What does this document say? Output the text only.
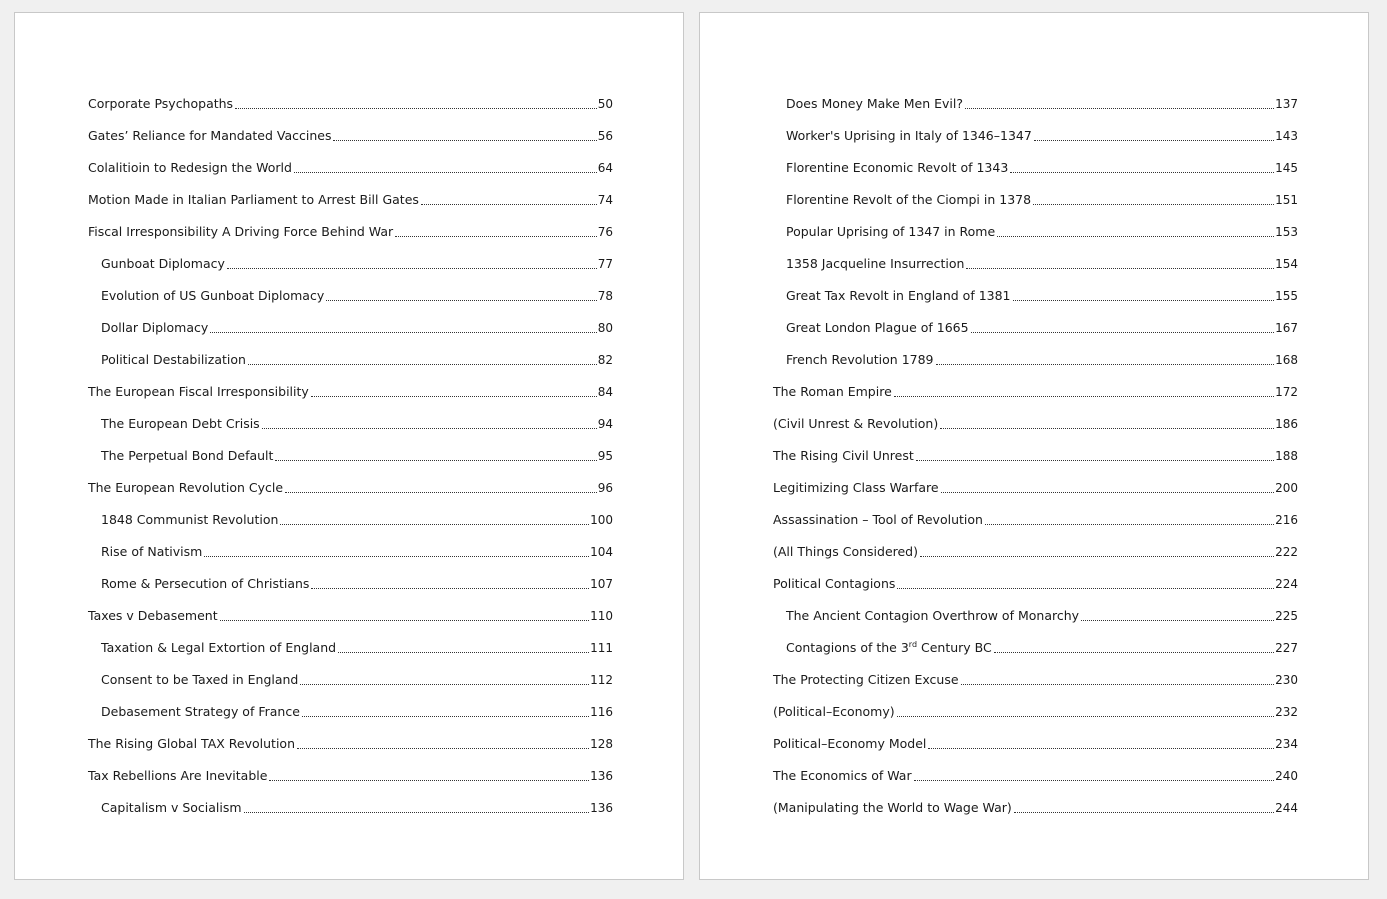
Corporate Psychopaths	50
Gates’ Reliance for Mandated Vaccines	56
Colalitioin to Redesign the World	64
Motion Made in Italian Parliament to Arrest Bill Gates	74
Fiscal Irresponsibility A Driving Force Behind War	76
Gunboat Diplomacy	77
Evolution of US Gunboat Diplomacy	78
Dollar Diplomacy	80
Political Destabilization	82
The European Fiscal Irresponsibility	84
The European Debt Crisis	94
The Perpetual Bond Default	95
The European Revolution Cycle	96
1848 Communist Revolution	100
Rise of Nativism	104
Rome & Persecution of Christians	107
Taxes v Debasement	110
Taxation & Legal Extortion of England	111
Consent to be Taxed in England	112
Debasement Strategy of France	116
The Rising Global TAX Revolution	128
Tax Rebellions Are Inevitable	136
Capitalism v Socialism	136
Does Money Make Men Evil?	137
Worker's Uprising in Italy of 1346–1347	143
Florentine Economic Revolt of 1343	145
Florentine Revolt of the Ciompi in 1378	151
Popular Uprising of 1347 in Rome	153
1358 Jacqueline Insurrection	154
Great Tax Revolt in England of 1381	155
Great London Plague of 1665	167
French Revolution 1789	168
The Roman Empire	172
(Civil Unrest & Revolution)	186
The Rising Civil Unrest	188
Legitimizing Class Warfare	200
Assassination – Tool of Revolution	216
(All Things Considered)	222
Political Contagions	224
The Ancient Contagion Overthrow of Monarchy	225
Contagions of the 3rd Century BC	227
The Protecting Citizen Excuse	230
(Political–Economy)	232
Political–Economy Model	234
The Economics of War	240
(Manipulating the World to Wage War)	244
